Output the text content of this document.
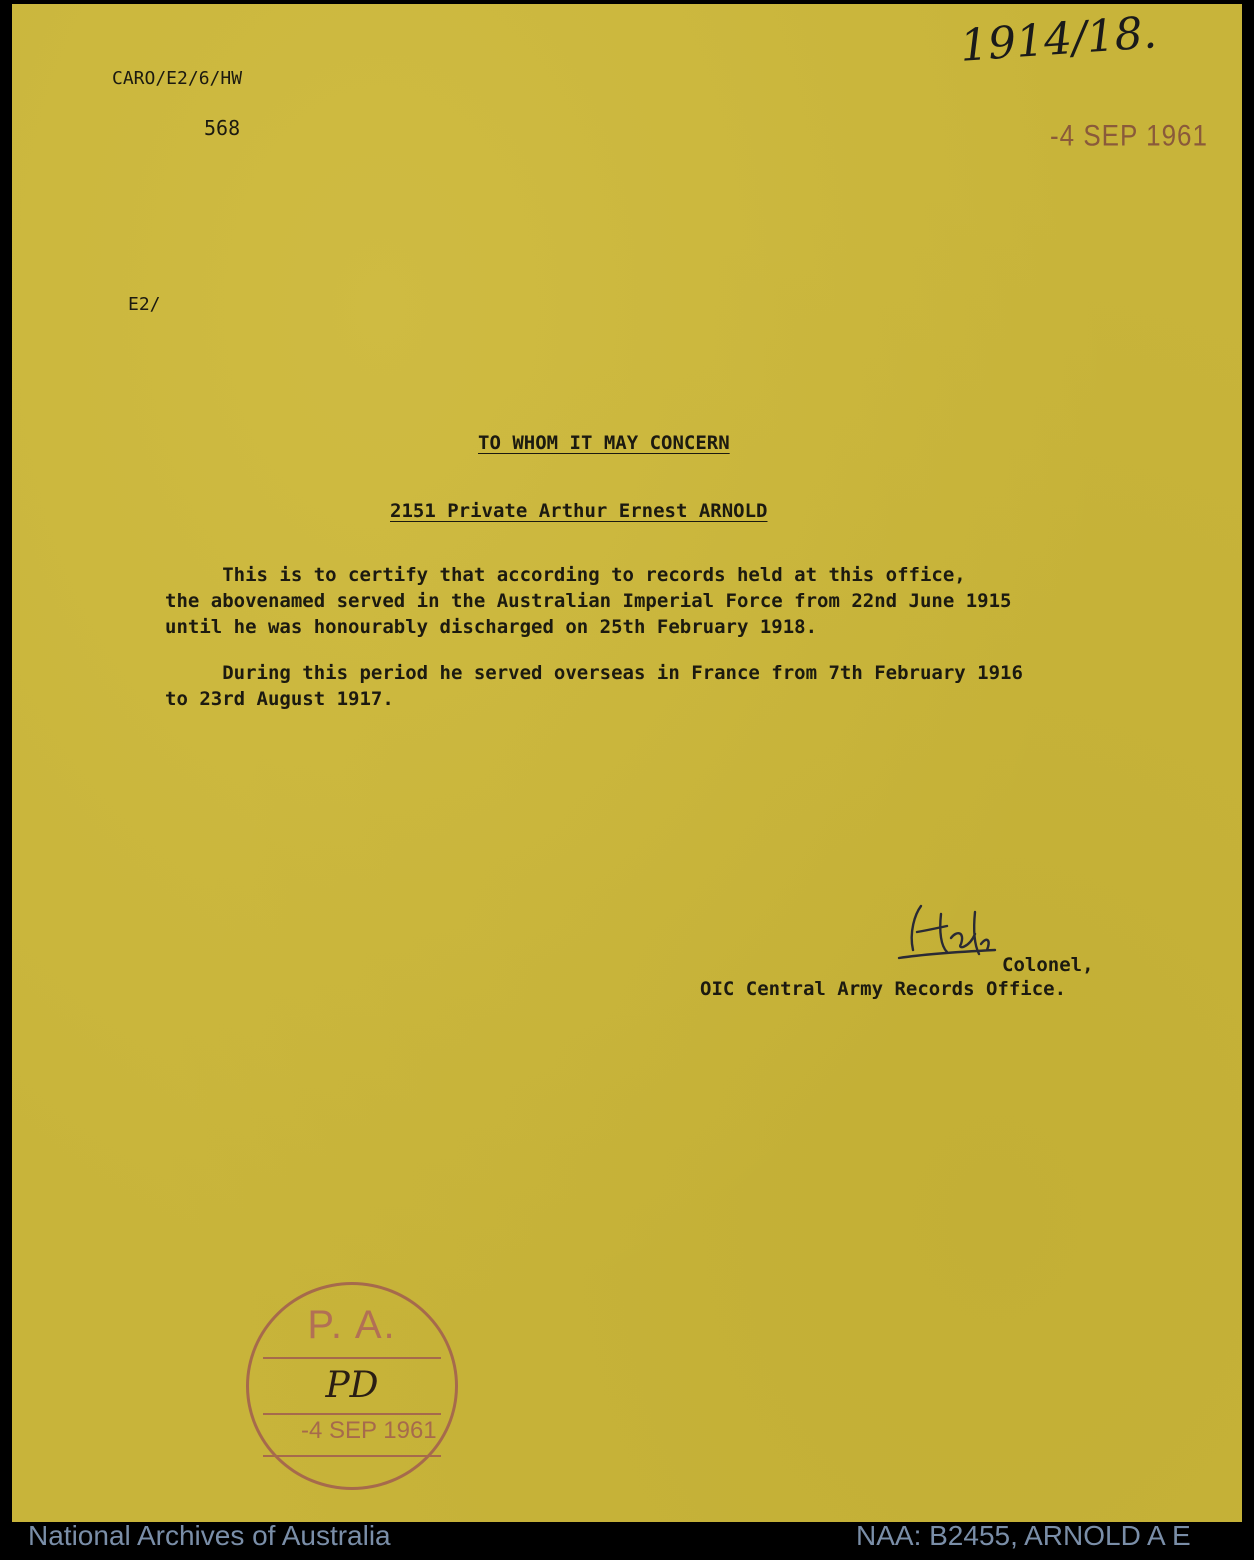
CARO/E2/6/HW
568
E2/
1914/18.
-4 SEP 1961
TO WHOM IT MAY CONCERN
2151 Private Arthur Ernest ARNOLD
This is to certify that according to records held at this office,
the abovenamed served in the Australian Imperial Force from 22nd June 1915
until he was honourably discharged on 25th February 1918.
During this period he served overseas in France from 7th February 1916
to 23rd August 1917.
Colonel,
OIC Central Army Records Office.
P. A.
PD
-4 SEP 1961
National Archives of Australia	NAA: B2455, ARNOLD A E
